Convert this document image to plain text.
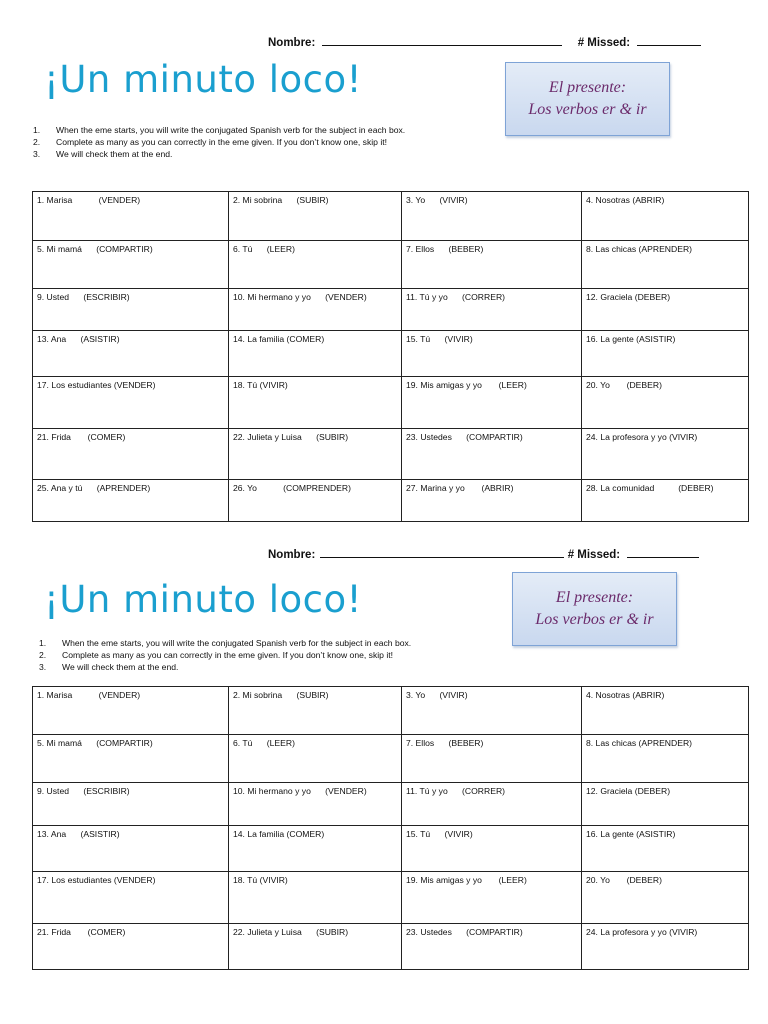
Nombre:	# Missed:
¡Un minuto loco!	El presente:
Los verbos er & ir
1. When the eme starts, you will write the conjugated Spanish verb for the subject in each box.
2. Complete as many as you can correctly in the eme given. If you don’t know one, skip it!
3. We will check them at the end.
1. Marisa           (VENDER)	2. Mi sobrina      (SUBIR)	3. Yo      (VIVIR)	4. Nosotras (ABRIR)
5. Mi mamá      (COMPARTIR)	6. Tú      (LEER)	7. Ellos      (BEBER)	8. Las chicas (APRENDER)
9. Usted      (ESCRIBIR)	10. Mi hermano y yo      (VENDER)	11. Tú y yo      (CORRER)	12. Graciela (DEBER)
13. Ana      (ASISTIR)	14. La familia (COMER)	15. Tú      (VIVIR)	16. La gente (ASISTIR)
17. Los estudiantes (VENDER)	18. Tú (VIVIR)	19. Mis amigas y yo       (LEER)	20. Yo       (DEBER)
21. Frida       (COMER)	22. Julieta y Luisa      (SUBIR)	23. Ustedes      (COMPARTIR)	24. La profesora y yo (VIVIR)
25. Ana y tú      (APRENDER)	26. Yo           (COMPRENDER)	27. Marina y yo       (ABRIR)	28. La comunidad          (DEBER)
Nombre:	# Missed:
¡Un minuto loco!	El presente:
Los verbos er & ir
1. When the eme starts, you will write the conjugated Spanish verb for the subject in each box.
2. Complete as many as you can correctly in the eme given. If you don’t know one, skip it!
3. We will check them at the end.
1. Marisa           (VENDER)	2. Mi sobrina      (SUBIR)	3. Yo      (VIVIR)	4. Nosotras (ABRIR)
5. Mi mamá      (COMPARTIR)	6. Tú      (LEER)	7. Ellos      (BEBER)	8. Las chicas (APRENDER)
9. Usted      (ESCRIBIR)	10. Mi hermano y yo      (VENDER)	11. Tú y yo      (CORRER)	12. Graciela (DEBER)
13. Ana      (ASISTIR)	14. La familia (COMER)	15. Tú      (VIVIR)	16. La gente (ASISTIR)
17. Los estudiantes (VENDER)	18. Tú (VIVIR)	19. Mis amigas y yo       (LEER)	20. Yo       (DEBER)
21. Frida       (COMER)	22. Julieta y Luisa      (SUBIR)	23. Ustedes      (COMPARTIR)	24. La profesora y yo (VIVIR)
